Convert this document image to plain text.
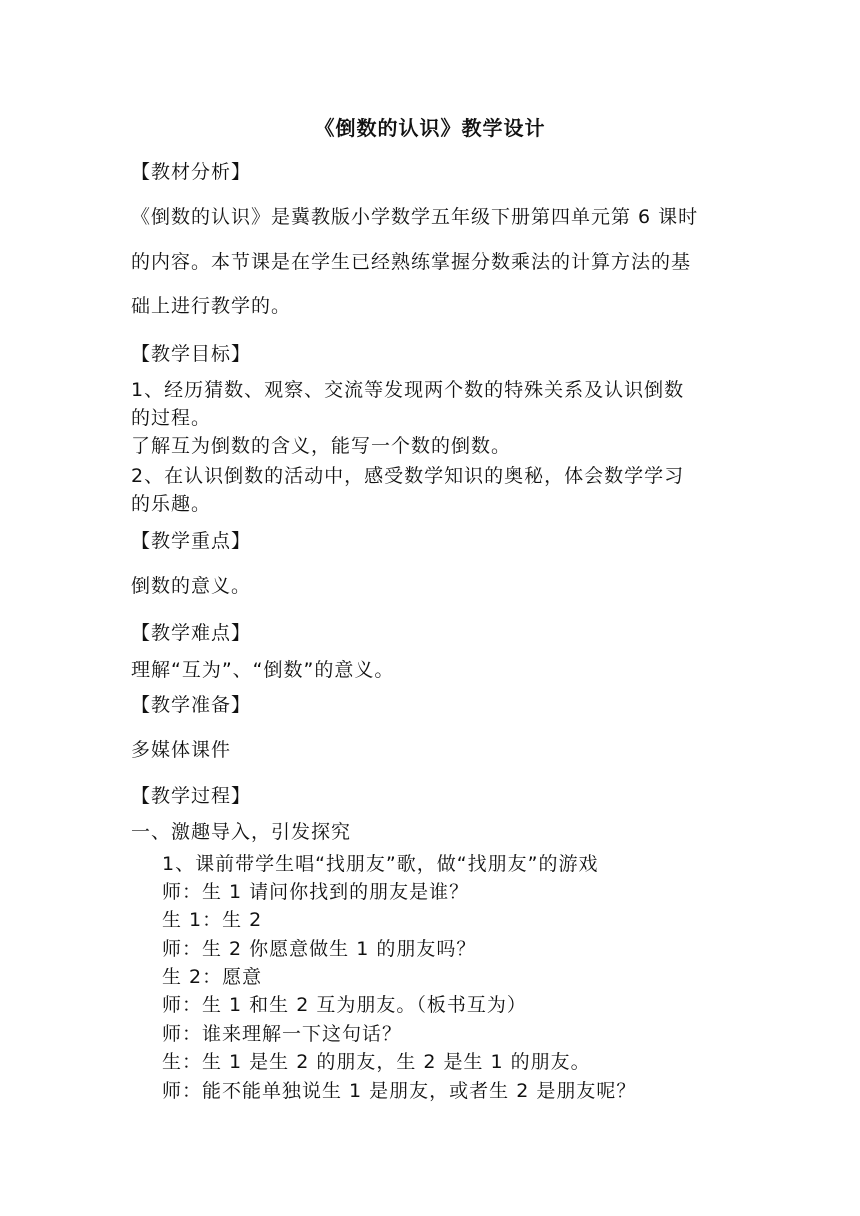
《倒数的认识》教学设计
【教材分析】
《倒数的认识》是冀教版小学数学五年级下册第四单元第 6 课时
的内容。本节课是在学生已经熟练掌握分数乘法的计算方法的基
础上进行教学的。
【教学目标】
1、经历猜数、观察、交流等发现两个数的特殊关系及认识倒数
的过程。
了解互为倒数的含义，能写一个数的倒数。
2、在认识倒数的活动中，感受数学知识的奥秘，体会数学学习
的乐趣。
【教学重点】
倒数的意义。
【教学难点】
理解“互为”、“倒数”的意义。
【教学准备】
多媒体课件
【教学过程】
一、激趣导入，引发探究
1、课前带学生唱“找朋友”歌，做“找朋友”的游戏
师：生 1 请问你找到的朋友是谁？
生 1：生 2
师：生 2 你愿意做生 1 的朋友吗？
生 2：愿意
师：生 1 和生 2 互为朋友。（板书互为）
师：谁来理解一下这句话？
生：生 1 是生 2 的朋友，生 2 是生 1 的朋友。
师：能不能单独说生 1 是朋友，或者生 2 是朋友呢？
